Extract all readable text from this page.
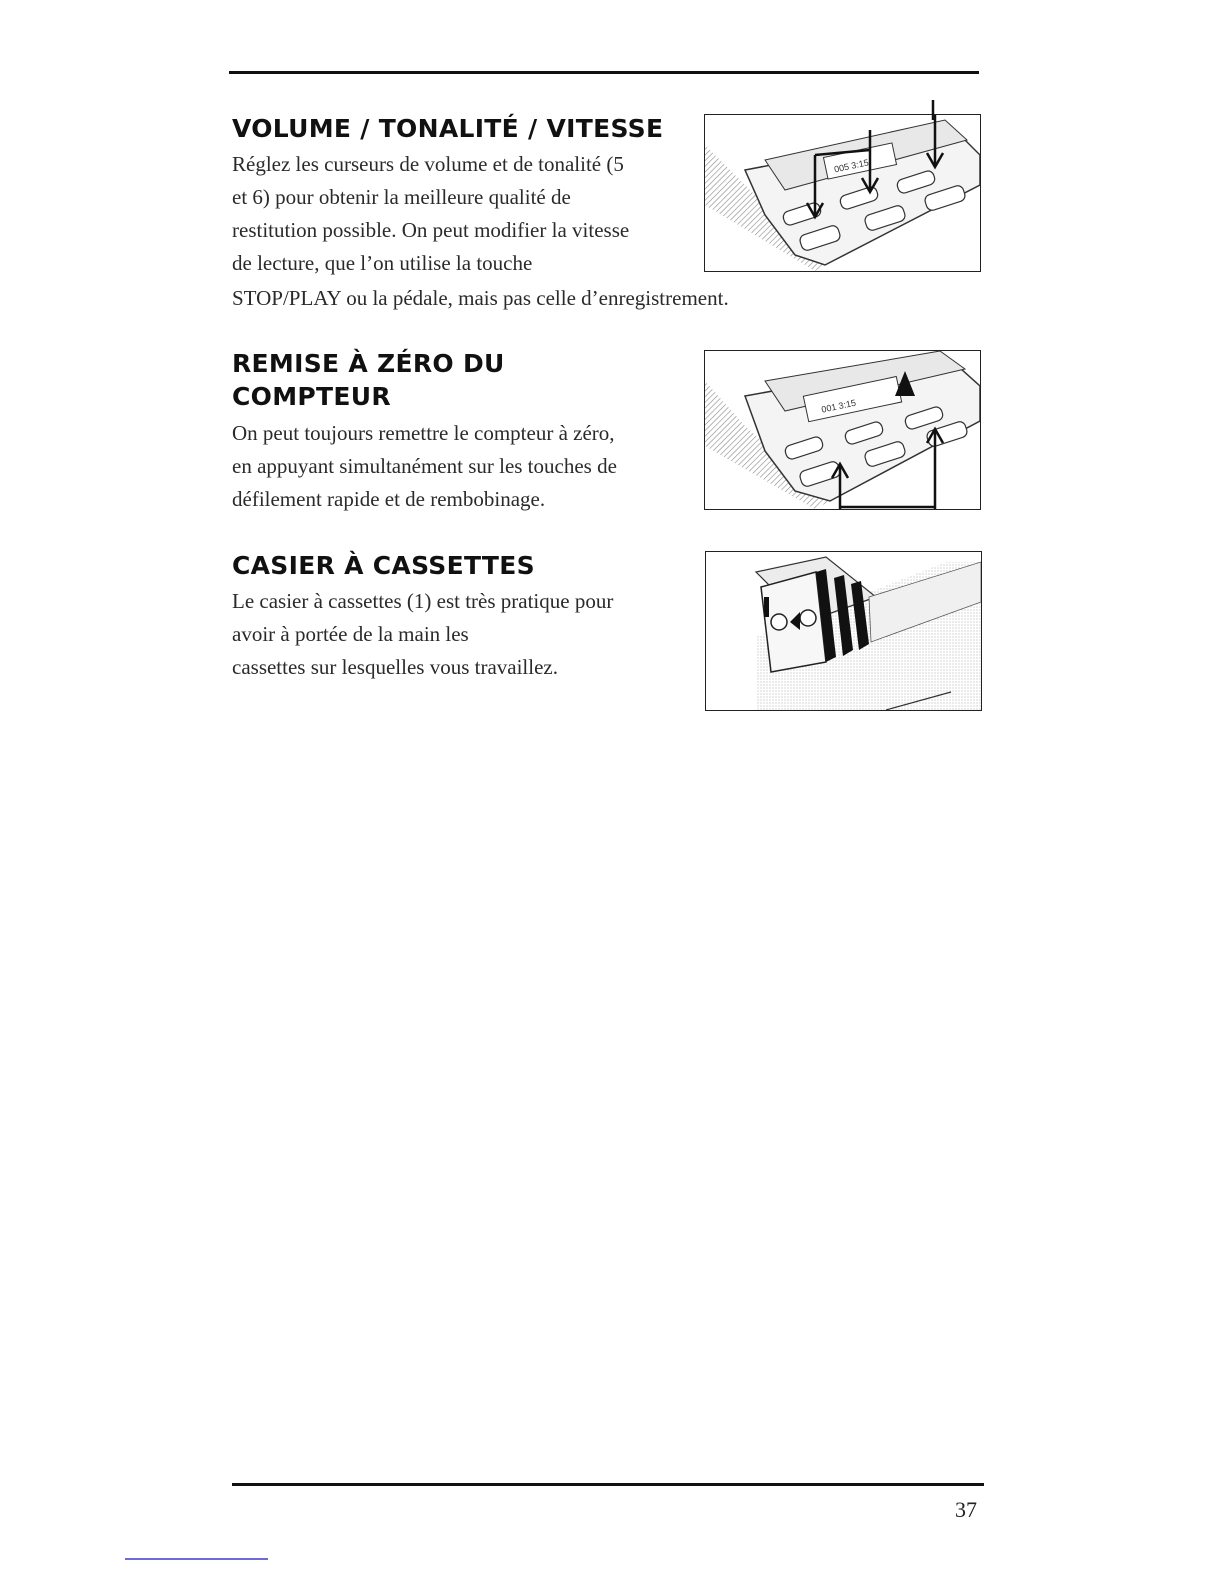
VOLUME / TONALITÉ / VITESSE
Réglez les curseurs de volume et de tonalité (5
et 6) pour obtenir la meilleure qualité de
restitution possible. On peut modifier la vitesse
de lecture, que l’on utilise la touche
STOP/PLAY ou la pédale, mais pas celle d’enregistrement.
005 3:15
REMISE À ZÉRO DU
COMPTEUR
On peut toujours remettre le compteur à zéro,
en appuyant simultanément sur les touches de
défilement rapide et de rembobinage.
001 3:15
CASIER À CASSETTES
Le casier à cassettes (1) est très pratique pour
avoir à portée de la main les
cassettes sur lesquelles vous travaillez.
37
